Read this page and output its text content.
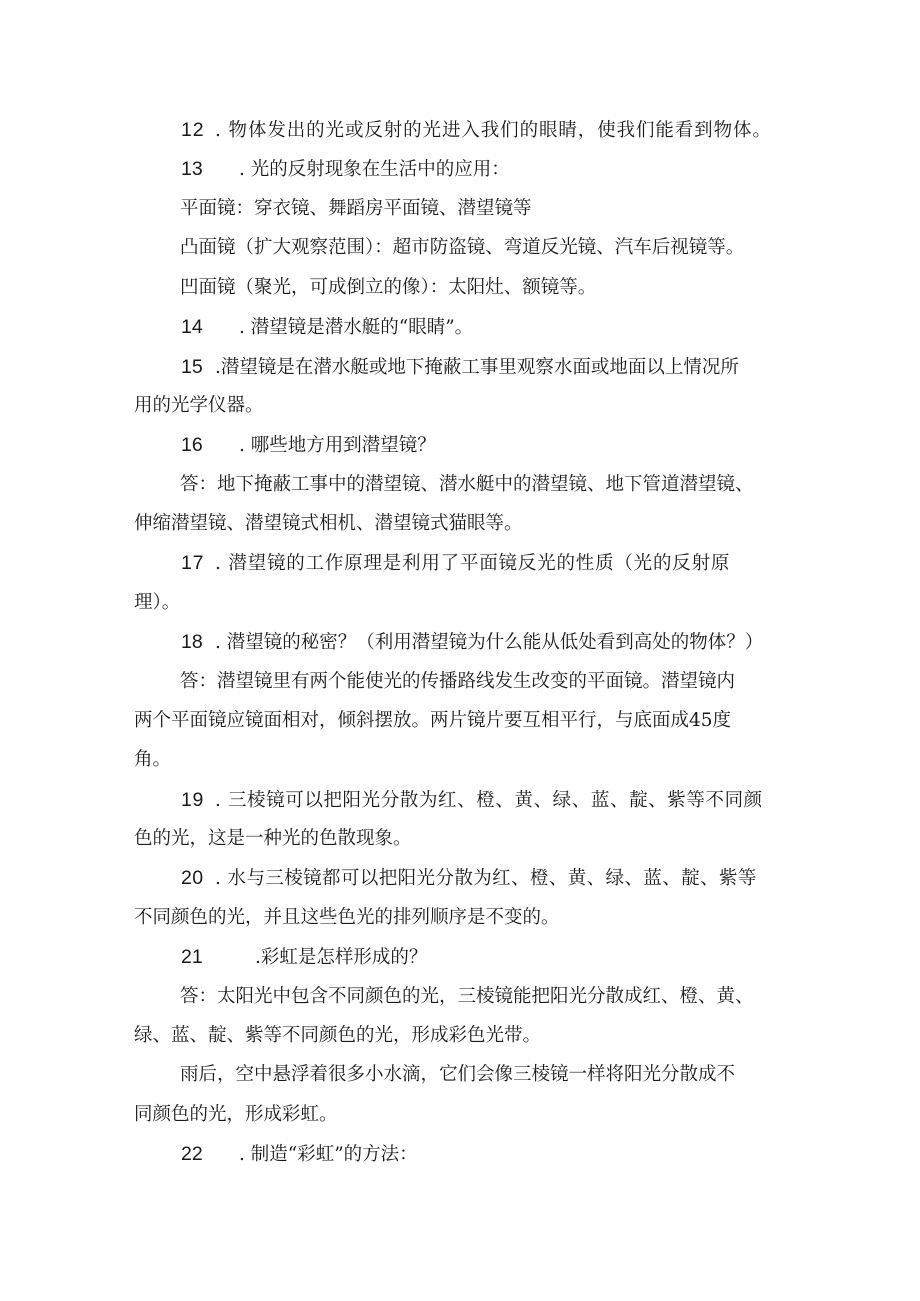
12 . 物体发出的光或反射的光进入我们的眼睛，使我们能看到物体。
13 . 光的反射现象在生活中的应用：
平面镜：穿衣镜、舞蹈房平面镜、潜望镜等
凸面镜（扩大观察范围）：超市防盗镜、弯道反光镜、汽车后视镜等。
凹面镜（聚光，可成倒立的像）：太阳灶、额镜等。
14 . 潜望镜是潜水艇的“眼睛”。
15 .潜望镜是在潜水艇或地下掩蔽工事里观察水面或地面以上情况所
用的光学仪器。
16 . 哪些地方用到潜望镜？
答：地下掩蔽工事中的潜望镜、潜水艇中的潜望镜、地下管道潜望镜、
伸缩潜望镜、潜望镜式相机、潜望镜式猫眼等。
17 . 潜望镜的工作原理是利用了平面镜反光的性质（光的反射原
理）。
18 . 潜望镜的秘密？（利用潜望镜为什么能从低处看到高处的物体？）
答：潜望镜里有两个能使光的传播路线发生改变的平面镜。潜望镜内
两个平面镜应镜面相对，倾斜摆放。两片镜片要互相平行，与底面成45度
角。
19 . 三棱镜可以把阳光分散为红、橙、黄、绿、蓝、靛、紫等不同颜
色的光，这是一种光的色散现象。
20 . 水与三棱镜都可以把阳光分散为红、橙、黄、绿、蓝、靛、紫等
不同颜色的光，并且这些色光的排列顺序是不变的。
21	.彩虹是怎样形成的？
答：太阳光中包含不同颜色的光，三棱镜能把阳光分散成红、橙、黄、
绿、蓝、靛、紫等不同颜色的光，形成彩色光带。
雨后，空中悬浮着很多小水滴，它们会像三棱镜一样将阳光分散成不
同颜色的光，形成彩虹。
22 . 制造“彩虹”的方法：
